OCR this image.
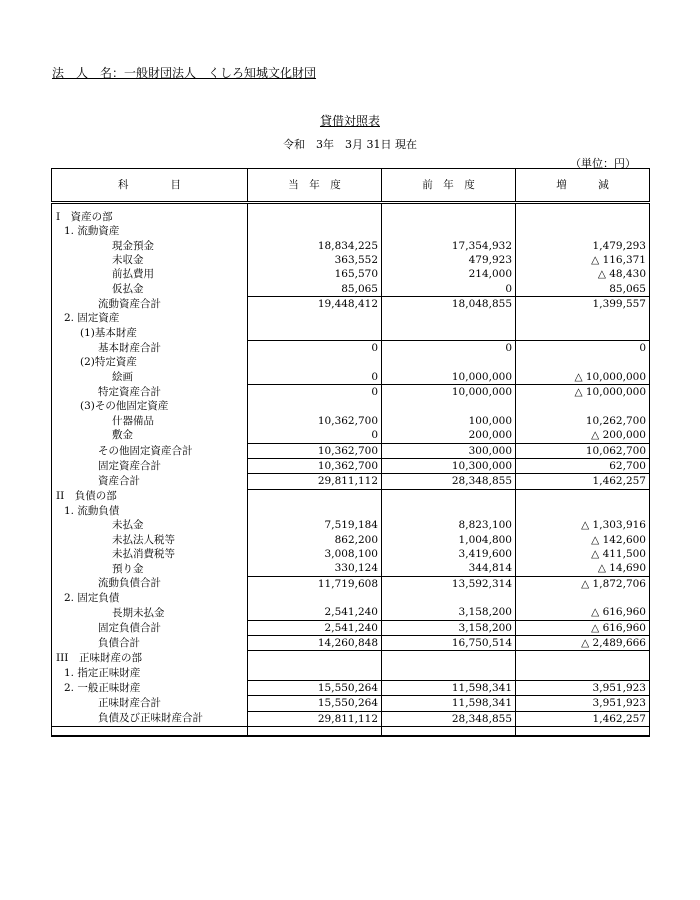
法　人　名：一般財団法人　くしろ知城文化財団
貸借対照表
令和　3年　3月 31日 現在
（単位：円）
科　　　　目	当　年　度	前　年　度	増　　　減

I　資産の部			
1. 流動資産			
現金預金	18,834,225	17,354,932	1,479,293
未収金	363,552	479,923	△ 116,371
前払費用	165,570	214,000	△ 48,430
仮払金	85,065	0	85,065
流動資産合計	19,448,412	18,048,855	1,399,557
2. 固定資産			
(1)基本財産			
基本財産合計	0	0	0
(2)特定資産			
絵画	0	10,000,000	△ 10,000,000
特定資産合計	0	10,000,000	△ 10,000,000
(3)その他固定資産			
什器備品	10,362,700	100,000	10,262,700
敷金	0	200,000	△ 200,000
その他固定資産合計	10,362,700	300,000	10,062,700
固定資産合計	10,362,700	10,300,000	62,700
資産合計	29,811,112	28,348,855	1,462,257
II　負債の部			
1. 流動負債			
未払金	7,519,184	8,823,100	△ 1,303,916
未払法人税等	862,200	1,004,800	△ 142,600
未払消費税等	3,008,100	3,419,600	△ 411,500
預り金	330,124	344,814	△ 14,690
流動負債合計	11,719,608	13,592,314	△ 1,872,706
2. 固定負債			
長期未払金	2,541,240	3,158,200	△ 616,960
固定負債合計	2,541,240	3,158,200	△ 616,960
負債合計	14,260,848	16,750,514	△ 2,489,666
III　正味財産の部			
1. 指定正味財産			
2. 一般正味財産	15,550,264	11,598,341	3,951,923
正味財産合計	15,550,264	11,598,341	3,951,923
負債及び正味財産合計	29,811,112	28,348,855	1,462,257
